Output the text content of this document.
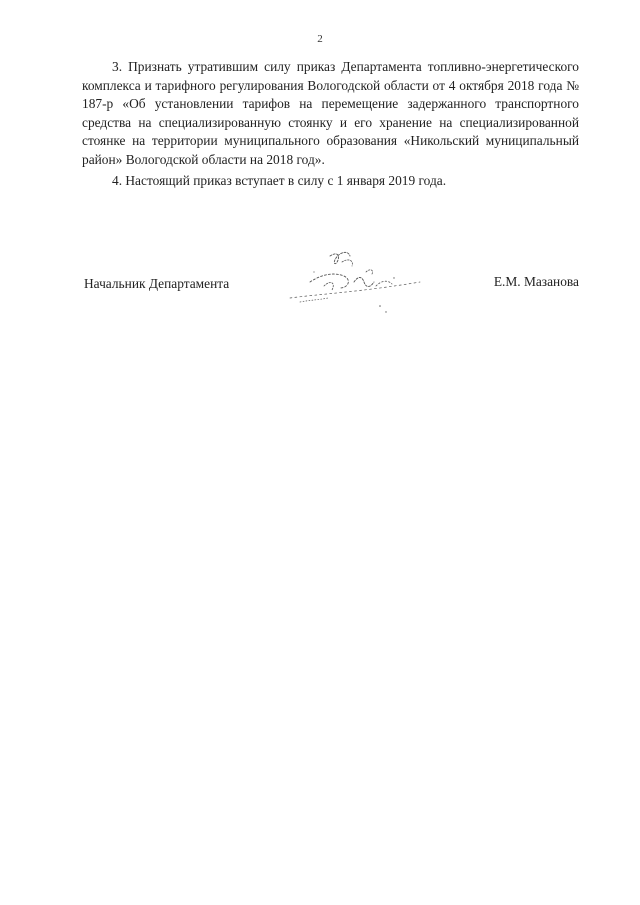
2

3. Признать утратившим силу приказ Департамента топливно-энергетического комплекса и тарифного регулирования Вологодской области от 4 октября 2018 года № 187-р «Об установлении тарифов на перемещение задержанного транспортного средства на специализированную стоянку и его хранение на специализированной стоянке на территории муниципального образования «Никольский муниципальный район» Вологодской области на 2018 год».

4. Настоящий приказ вступает в силу с 1 января 2019 года.

Начальник Департамента	Е.М. Мазанова
